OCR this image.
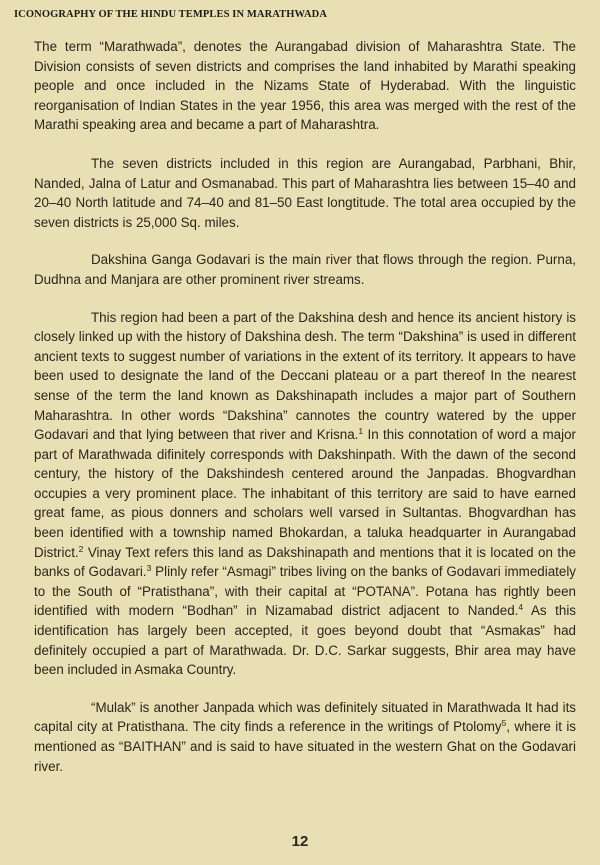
ICONOGRAPHY OF THE HINDU TEMPLES IN MARATHWADA

The term “Marathwada”, denotes the Aurangabad division of Maharashtra State. The Division consists of seven districts and comprises the land inhabited by Marathi speaking people and once included in the Nizams State of Hyderabad. With the linguistic reorganisation of Indian States in the year 1956, this area was merged with the rest of the Marathi speaking area and became a part of Maharashtra.

The seven districts included in this region are Aurangabad, Parbhani, Bhir, Nanded, Jalna of Latur and Osmanabad. This part of Maharashtra lies between 15–40 and 20–40 North latitude and 74–40 and 81–50 East longtitude. The total area occupied by the seven districts is 25,000 Sq. miles.

Dakshina Ganga Godavari is the main river that flows through the region. Purna, Dudhna and Manjara are other prominent river streams.

This region had been a part of the Dakshina desh and hence its ancient history is closely linked up with the history of Dakshina desh. The term “Dakshina” is used in different ancient texts to suggest number of variations in the extent of its territory. It appears to have been used to designate the land of the Deccani plateau or a part thereof In the nearest sense of the term the land known as Dakshinapath includes a major part of Southern Maharashtra. In other words “Dakshina” cannotes the country watered by the upper Godavari and that lying between that river and Krisna.$^1$ In this connotation of word a major part of Marathwada difinitely corresponds with Dakshinpath. With the dawn of the second century, the history of the Dakshindesh centered around the Janpadas. Bhogvardhan occupies a very prominent place. The inhabitant of this territory are said to have earned great fame, as pious donners and scholars well varsed in Sultantas. Bhogvardhan has been identified with a township named Bhokardan, a taluka headquarter in Aurangabad District.$^2$ Vinay Text refers this land as Dakshinapath and mentions that it is located on the banks of Godavari.$^3$ Plinly refer “Asmagi” tribes living on the banks of Godavari immediately to the South of “Pratisthana”, with their capital at “POTANA”. Potana has rightly been identified with modern “Bodhan” in Nizamabad district adjacent to Nanded.$^4$ As this identification has largely been accepted, it goes beyond doubt that “Asmakas” had definitely occupied a part of Marathwada. Dr. D.C. Sarkar suggests, Bhir area may have been included in Asmaka Country.

“Mulak” is another Janpada which was definitely situated in Marathwada It had its capital city at Pratisthana. The city finds a reference in the writings of Ptolomy$^5$, where it is mentioned as “BAITHAN” and is said to have situated in the western Ghat on the Godavari river.

12
